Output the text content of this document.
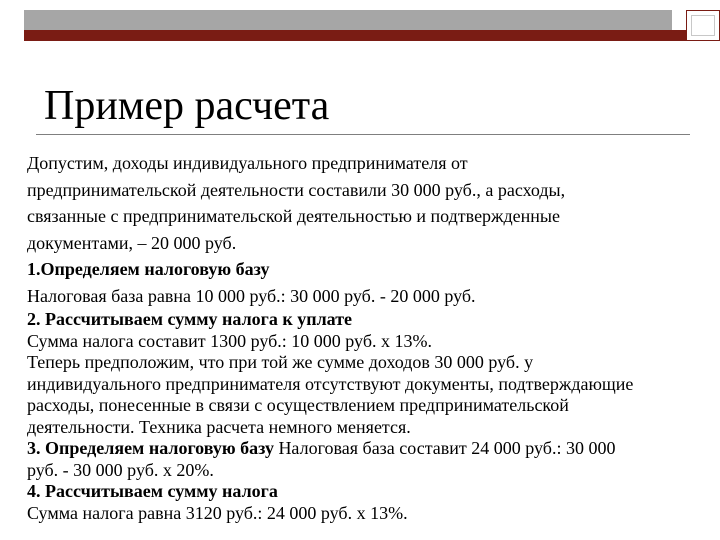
Пример расчета

Допустим, доходы индивидуального предпринимателя от

предпринимательской деятельности составили 30 000 руб., а расходы,

связанные с предпринимательской деятельностью и подтвержденные

документами, – 20 000 руб.

1.Определяем налоговую базу

Налоговая база равна 10 000 руб.: 30 000 руб. - 20 000 руб.

2. Рассчитываем сумму налога к уплате

Сумма налога составит 1300 руб.: 10 000 руб. x 13%.

Теперь предположим, что при той же сумме доходов 30 000 руб. у

индивидуального предпринимателя отсутствуют документы, подтверждающие

расходы, понесенные в связи с осуществлением предпринимательской

деятельности. Техника расчета немного меняется.

3. Определяем налоговую базу Налоговая база составит 24 000 руб.: 30 000

руб. - 30 000 руб. x 20%.

4. Рассчитываем сумму налога

Сумма налога равна 3120 руб.: 24 000 руб. x 13%.
